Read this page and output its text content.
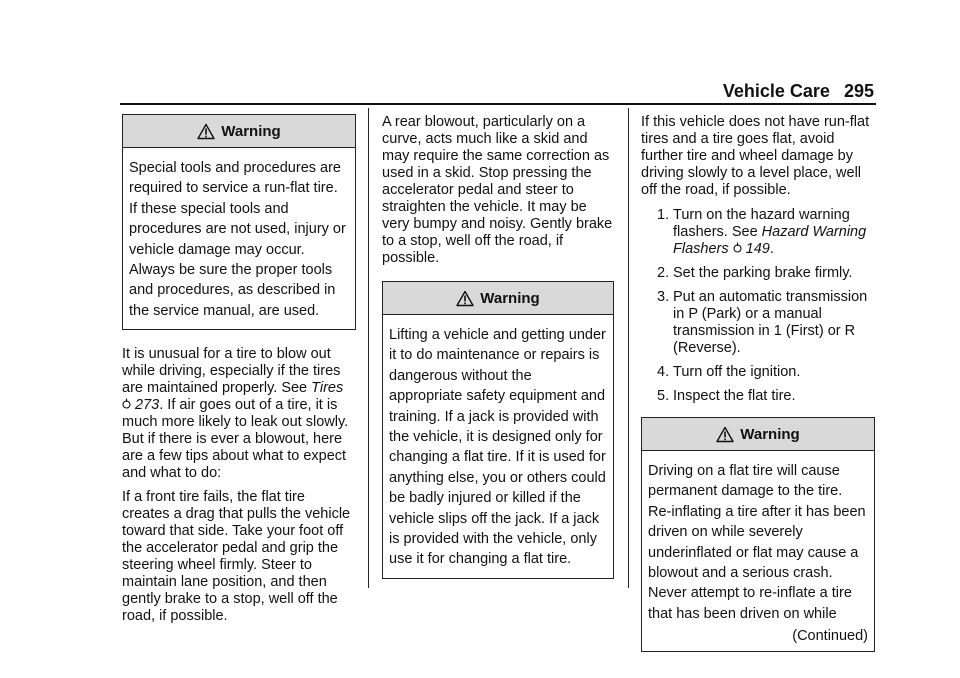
Vehicle Care 295
Warning
Special tools and procedures are required to service a run-flat tire. If these special tools and procedures are not used, injury or vehicle damage may occur. Always be sure the proper tools and procedures, as described in the service manual, are used.

It is unusual for a tire to blow out while driving, especially if the tires are maintained properly. See Tires
273. If air goes out of a tire, it is much more likely to leak out slowly. But if there is ever a blowout, here are a few tips about what to expect and what to do:

If a front tire fails, the flat tire creates a drag that pulls the vehicle toward that side. Take your foot off the accelerator pedal and grip the steering wheel firmly. Steer to maintain lane position, and then gently brake to a stop, well off the road, if possible.

A rear blowout, particularly on a curve, acts much like a skid and may require the same correction as used in a skid. Stop pressing the accelerator pedal and steer to straighten the vehicle. It may be very bumpy and noisy. Gently brake to a stop, well off the road, if possible.

Warning
Lifting a vehicle and getting under it to do maintenance or repairs is dangerous without the appropriate safety equipment and training. If a jack is provided with the vehicle, it is designed only for changing a flat tire. If it is used for anything else, you or others could be badly injured or killed if the vehicle slips off the jack. If a jack is provided with the vehicle, only use it for changing a flat tire.

If this vehicle does not have run-flat tires and a tire goes flat, avoid further tire and wheel damage by driving slowly to a level place, well off the road, if possible.

1. Turn on the hazard warning flashers. See Hazard Warning Flashers 149.
2. Set the parking brake firmly.
3. Put an automatic transmission in P (Park) or a manual transmission in 1 (First) or R (Reverse).
4. Turn off the ignition.
5. Inspect the flat tire.
Warning
Driving on a flat tire will cause permanent damage to the tire. Re-inflating a tire after it has been driven on while severely underinflated or flat may cause a blowout and a serious crash. Never attempt to re-inflate a tire that has been driven on while
(Continued)
